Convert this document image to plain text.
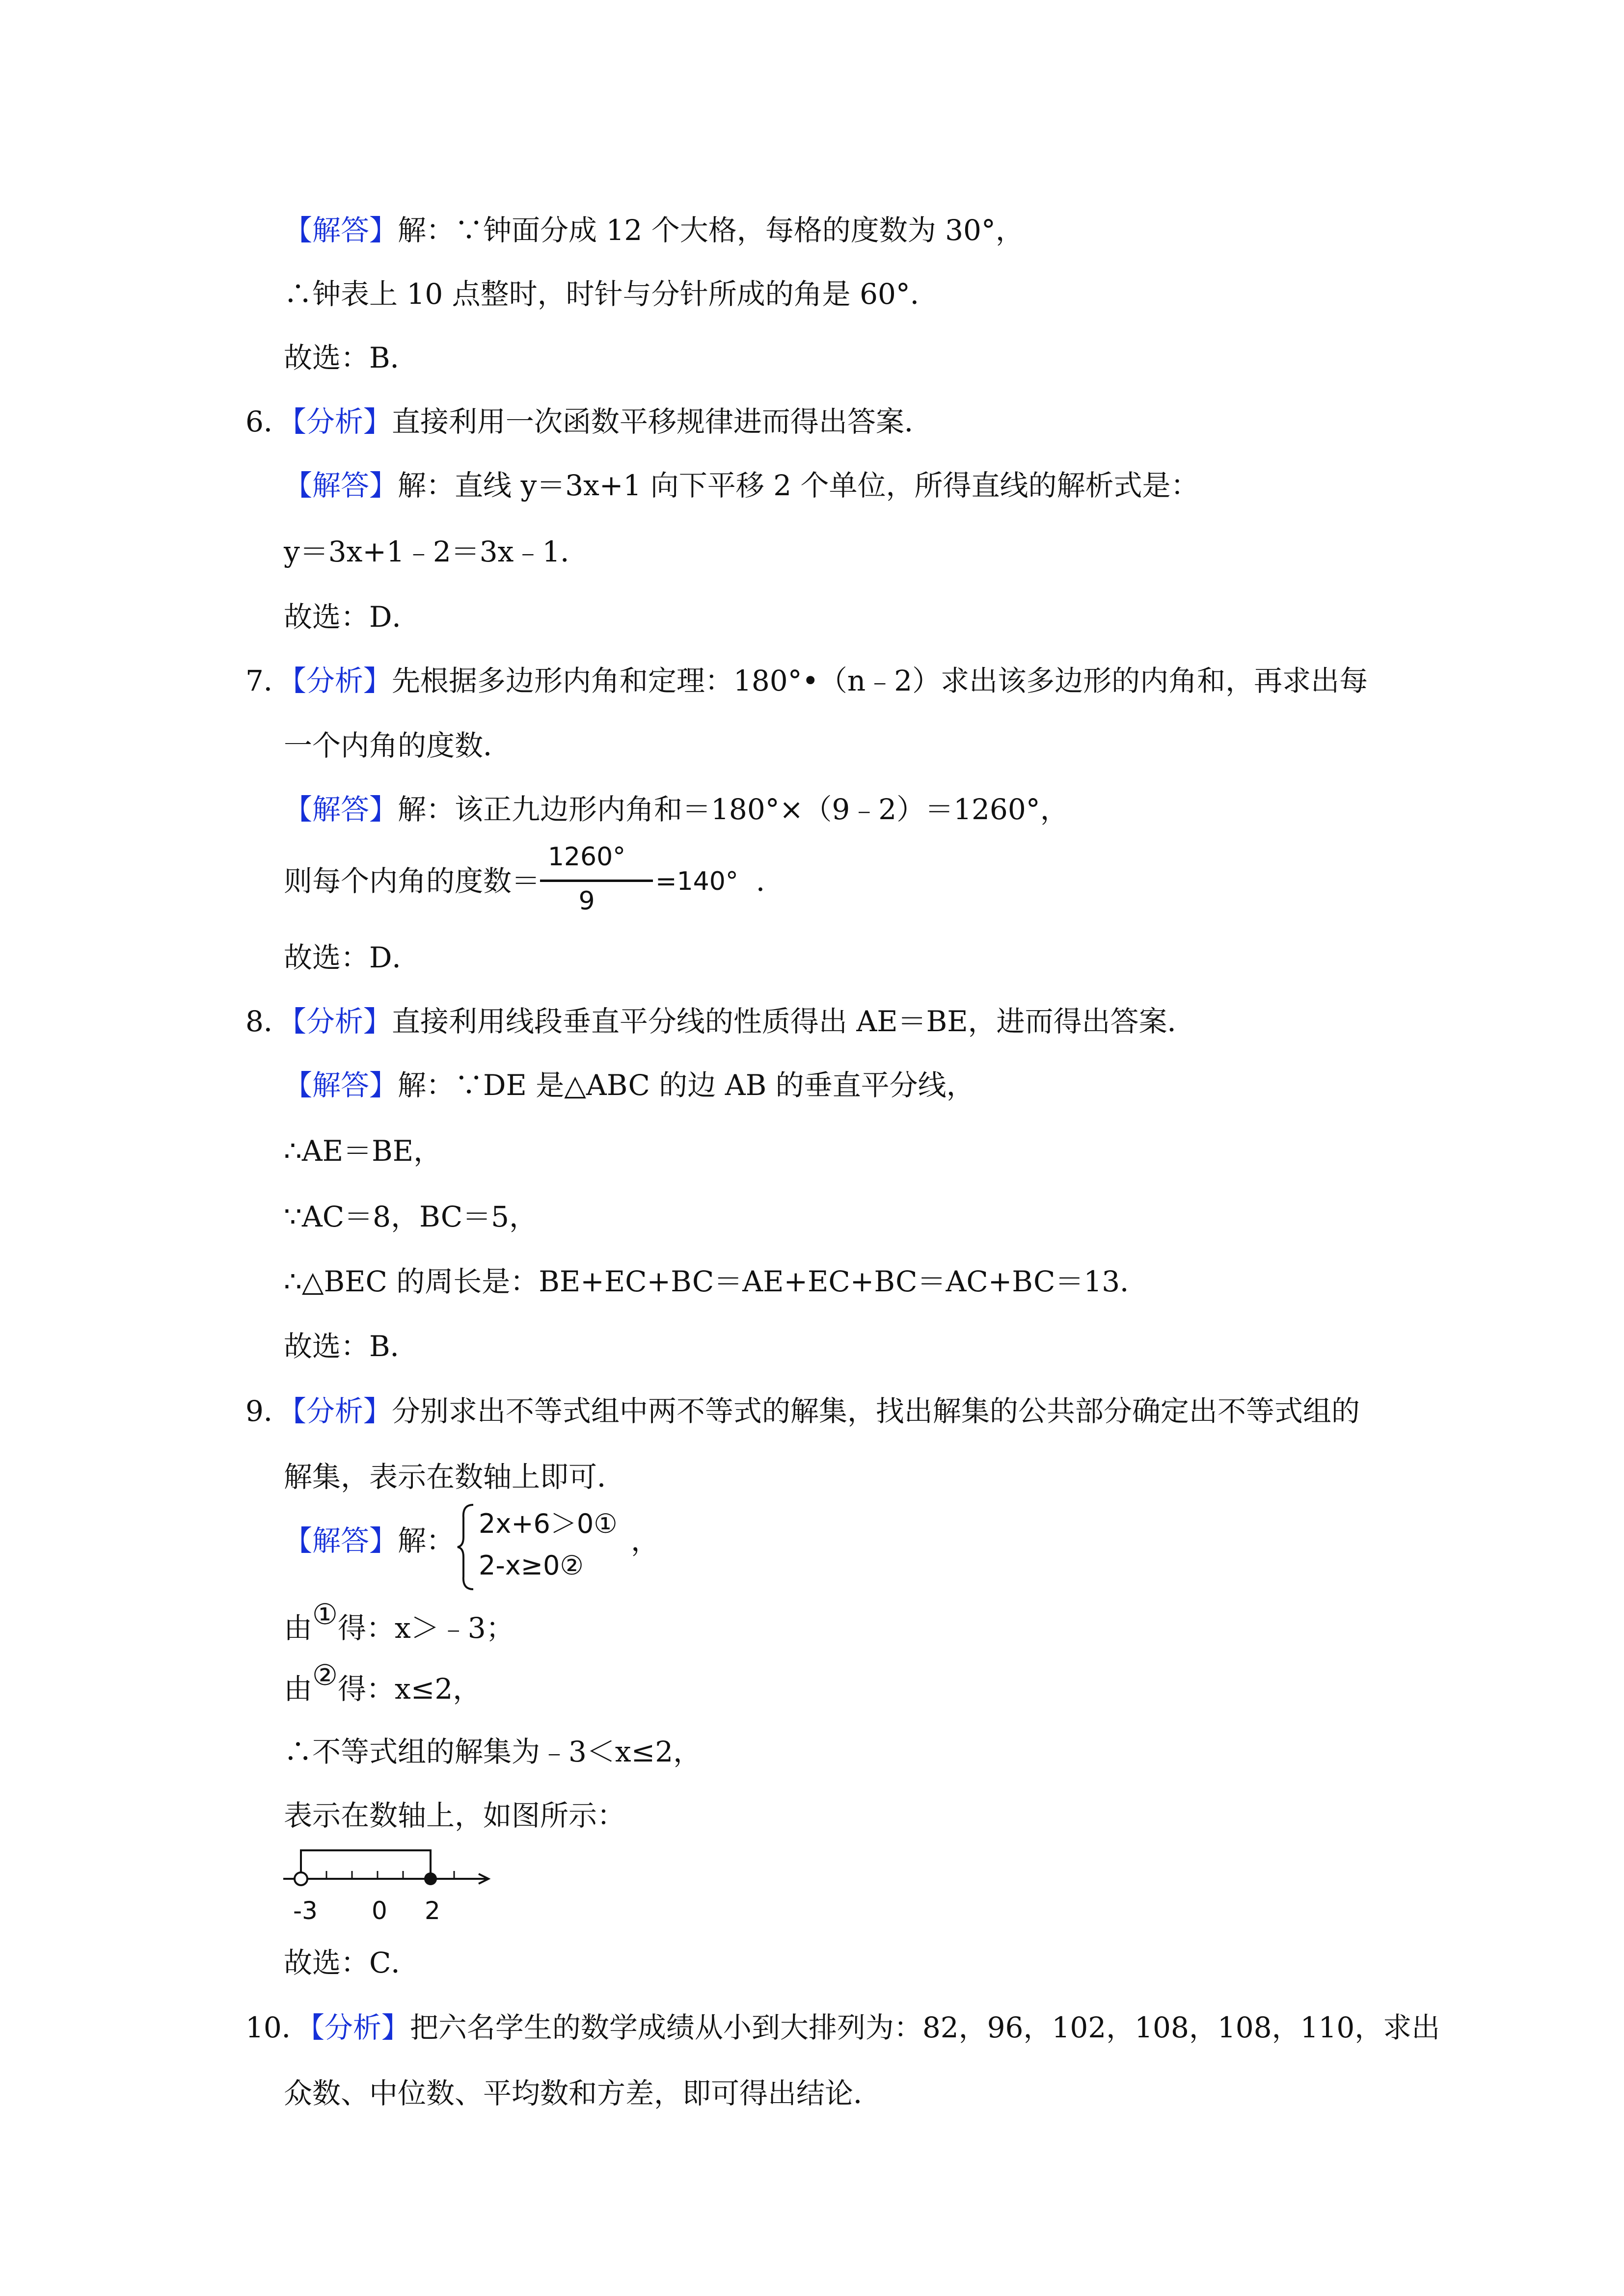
【解答】解：∵钟面分成 12 个大格，每格的度数为 30°，
∴钟表上 10 点整时，时针与分针所成的角是 60°．
故选：B．
6．【分析】直接利用一次函数平移规律进而得出答案．
【解答】解：直线 y＝3x+1 向下平移 2 个单位，所得直线的解析式是：
y＝3x+1﹣2＝3x﹣1．
故选：D．
7．【分析】先根据多边形内角和定理：180°•（n﹣2）求出该多边形的内角和，再求出每
一个内角的度数．
【解答】解：该正九边形内角和＝180°×（9﹣2）＝1260°，
则每个内角的度数＝
1260°
9
=140° ．
故选：D．
8．【分析】直接利用线段垂直平分线的性质得出 AE＝BE，进而得出答案．
【解答】解：∵DE 是△ABC 的边 AB 的垂直平分线，
∴AE＝BE，
∵AC＝8，BC＝5，
∴△BEC 的周长是：BE+EC+BC＝AE+EC+BC＝AC+BC＝13．
故选：B．
9．【分析】分别求出不等式组中两不等式的解集，找出解集的公共部分确定出不等式组的
解集，表示在数轴上即可．
【解答】解：
2x+6＞0①
2-x≥0②
，
由①得：x＞﹣3；
由②得：x≤2，
∴不等式组的解集为﹣3＜x≤2，
表示在数轴上，如图所示：
-3 0 2
故选：C．
10．【分析】把六名学生的数学成绩从小到大排列为：82，96，102，108，108，110，求出
众数、中位数、平均数和方差，即可得出结论．
